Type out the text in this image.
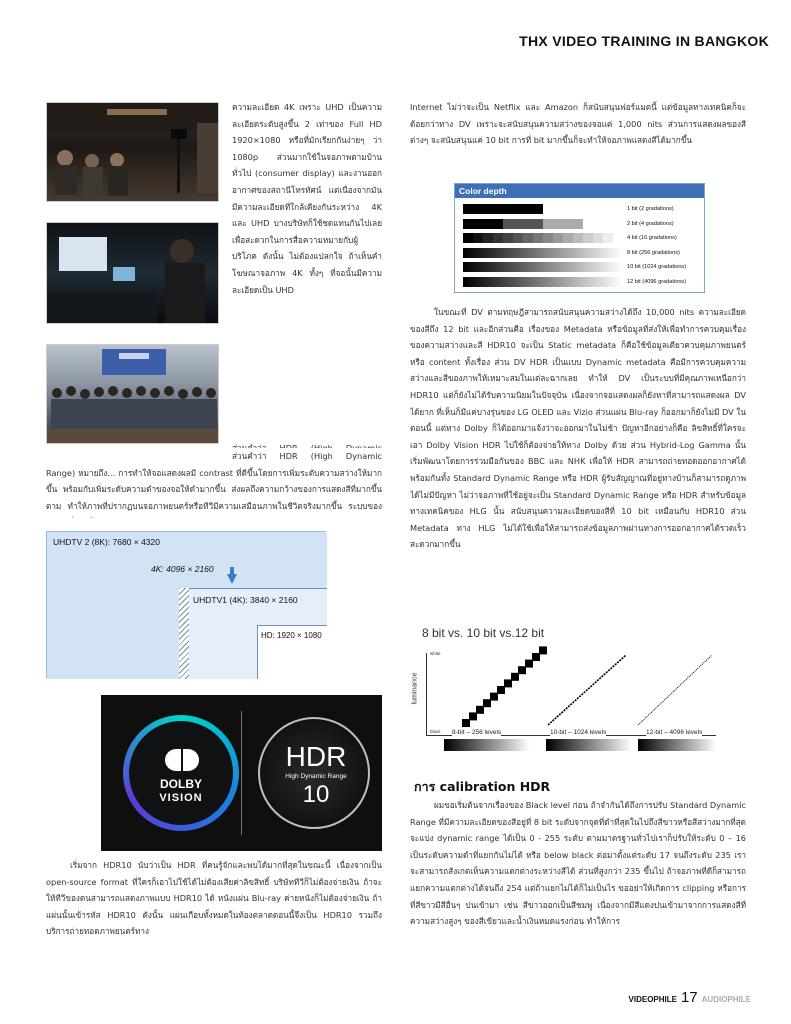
THX VIDEO TRAINING IN BANGKOK
ความละเอียด 4K เพราะ UHD เป็นความละเอียดระดับสูงขึ้น 2 เท่าของ Full HD 1920×1080 หรือที่มักเรียกกันง่ายๆ ว่า 1080p ส่วนมากใช้ในจอภาพตามบ้านทั่วไป (consumer display) และงานออกอากาศของสถานีโทรทัศน์ แต่เนื่องจากมันมีความละเอียดที่ใกล้เคียงกันระหว่าง 4K และ UHD บางบริษัทก็ใช้ชดแทนกันไปเลยเพื่อสะดวกในการสื่อความหมายกับผู้บริโภค ดังนั้น ไม่ต้องแปลกใจ ถ้าเห็นคำโฆษณาจอภาพ 4K ทั้งๆ ที่จอนั้นมีความละเอียดเป็น UHD
ส่วนคำว่า HDR (High Dynamic Range) หมายถึง... การทำให้จอแสดงผลมี contrast ที่ดีขึ้นโดยการเพิ่มระดับความสว่างให้มากขึ้น พร้อมกับเพิ่มระดับความดำของจอให้ดำมากขึ้น ส่งผลถึงความกว้างของการแสดงสีที่มากขึ้นตาม ทำให้ภาพที่ปรากฏบนจอภาพยนตร์หรือทีวีมีความเสมือนภาพในชีวิตจริงมากขึ้น ระบบของ
UHDTV 2 (8K): 7680 × 4320
4K: 4096 × 2160
UHDTV1 (4K): 3840 × 2160
HD: 1920 × 1080
DOLBY
VISION
HDR
High Dynamic Range
10
เริ่มจาก HDR10 นับว่าเป็น HDR ที่คนรู้จักและพบได้มากที่สุดในขณะนี้ เนื่องจากเป็น open-source format ที่ใครก็เอาไปใช้ได้ไม่ต้องเสียค่าลิขสิทธิ์ บริษัททีวีก็ไม่ต้องจ่ายเงิน ถ้าจะให้ทีวีของตนสามารถแสดงภาพแบบ HDR10 ได้ หนังแผ่น Blu-ray ค่ายหนังก็ไม่ต้องจ่ายเงิน ถ้าแผ่นนั้นเข้ารหัส HDR10 ดังนั้น แผ่นเกือบทั้งหมดในท้องตลาดตอนนี้จึงเป็น HDR10 รวมถึงบริการถ่ายทอดภาพยนตร์ทาง
Internet ไม่ว่าจะเป็น Netflix และ Amazon ก็สนับสนุนฟอร์แมตนี้ แต่ข้อมูลทางเทคนิคก็จะด้อยกว่าทาง DV เพราะจะสนับสนุนความสว่างของจอแค่ 1,000 nits ส่วนการแสดงผลของสีต่างๆ จะสนับสนุนแค่ 10 bit การที่ bit มากขึ้นก็จะทำให้จอภาพแสดงสีได้มากขึ้น
Color depth
1 bit (2 gradations)
2 bit (4 gradations)
4 bit (16 gradations)
8 bit (256 gradations)
10 bit (1024 gradations)
12 bit (4096 gradations)
ในขณะที่ DV ตามทฤษฎีสามารถสนับสนุนความสว่างได้ถึง 10,000 nits ความละเอียดของสีถึง 12 bit และอีกส่วนคือ เรื่องของ Metadata หรือข้อมูลที่ส่งให้เพื่อทำการควบคุมเรื่องของความสว่างและสี HDR10 จะเป็น Static metadata ก็คือใช้ข้อมูลเดียวควบคุมภาพยนตร์ หรือ content ทั้งเรื่อง ส่วน DV HDR เป็นแบบ Dynamic metadata คือมีการควบคุมความสว่างและสีของภาพให้เหมาะสมในแต่ละฉากเลย ทำให้ DV เป็นระบบที่มีคุณภาพเหนือกว่า HDR10 แต่ก็ยังไม่ได้รับความนิยมในปัจจุบัน เนื่องจากจอแสดงผลก็ยังหาที่สามารถแสดงผล DV ได้ยาก ที่เห็นก็มีแค่บางรุ่นของ LG OLED และ Vizio ส่วนแผ่น Blu-ray ก็ออกมาก็ยังไม่มี DV ในตอนนี้ แต่ทาง Dolby ก็ได้ออกมาแจ้งว่าจะออกมาในไม่ช้า ปัญหาอีกอย่างก็คือ ลิขสิทธิ์ที่ใครจะเอา Dolby Vision HDR ไปใช้ก็ต้องจ่ายให้ทาง Dolby ด้วย ส่วน Hybrid-Log Gamma นั้น เริ่มพัฒนาโดยการร่วมมือกันของ BBC และ NHK เพื่อให้ HDR สามารถถ่ายทอดออกอากาศได้พร้อมกันทั้ง Standard Dynamic Range หรือ HDR ผู้รับสัญญาณที่อยู่ทางบ้านก็สามารถดูภาพได้ไม่มีปัญหา ไม่ว่าจอภาพที่ใช้อยู่จะเป็น Standard Dynamic Range หรือ HDR สำหรับข้อมูลทางเทคนิคของ HLG นั้น สนับสนุนความละเอียดของสีที่ 10 bit เหมือนกับ HDR10 ส่วน Metadata ทาง HLG ไม่ได้ใช้เพื่อให้สามารถส่งข้อมูลภาพผ่านทางการออกอากาศได้รวดเร็วสะดวกมากขึ้น
8 bit vs. 10 bit vs.12 bit
luminance
white
black 8-bit – 256 levels	10-bit – 1024 levels	12-bit – 4096 levels
การ calibration HDR
ผมขอเริ่มต้นจากเรื่องของ Black level ก่อน ถ้าจำกันได้ถึงการปรับ Standard Dynamic Range ที่มีความละเอียดของสีอยู่ที่ 8 bit ระดับจากจุดที่ดำที่สุดในไปถึงสีขาวหรือสีสว่างมากที่สุดจะแบ่ง dynamic range ได้เป็น 0 - 255 ระดับ ตามมาตรฐานทั่วไปเราก็ปรับให้ระดับ 0 – 16 เป็นระดับความดำที่แยกกันไม่ได้ หรือ below black ต่อมาตั้งแต่ระดับ 17 จนถึงระดับ 235 เราจะสามารถสังเกตเห็นความแตกต่างระหว่างสีได้ ส่วนที่สูงกว่า 235 ขึ้นไป ถ้าจอภาพที่ดีก็สามารถแยกความแตกต่างได้จนถึง 254 แต่ถ้าแยกไม่ได้ก็ไม่เป็นไร ขออย่าให้เกิดการ clipping หรือการที่สีขาวมีสีอื่นๆ ปนเข้ามา เช่น สีขาวออกเป็นสีชมพู เนื่องจากมีสีแดงปนเข้ามาจากการแสดงสีที่ความสว่างสูงๆ ของสีเขียวและน้ำเงินหมดแรงก่อน ทำให้การ
VIDEOPHILE 17 AUDIOPHILE
